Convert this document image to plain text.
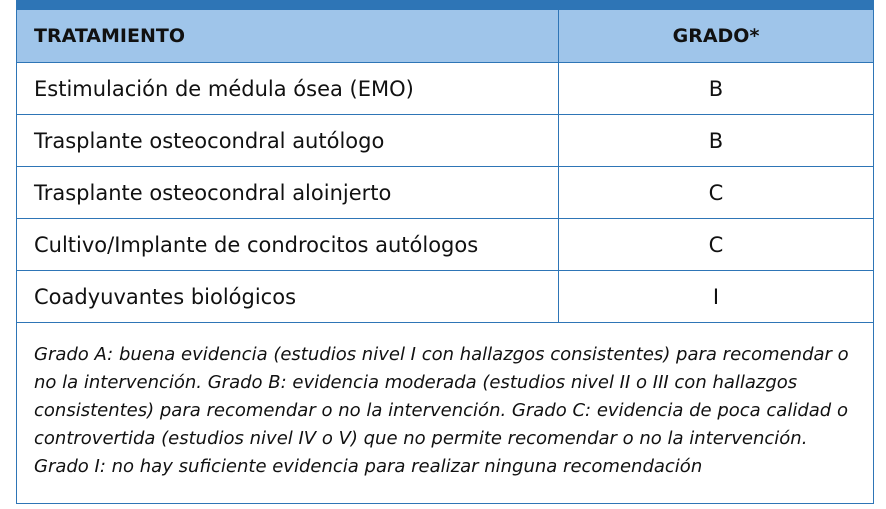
TRATAMIENTO	GRADO*
Estimulación de médula ósea (EMO)	B
Trasplante osteocondral autólogo	B
Trasplante osteocondral aloinjerto	C
Cultivo/Implante de condrocitos autólogos	C
Coadyuvantes biológicos	I
Grado A: buena evidencia (estudios nivel I con hallazgos consistentes) para recomendar o no la intervención. Grado B: evidencia moderada (estudios nivel II o III con hallazgos consistentes) para recomendar o no la intervención. Grado C: evidencia de poca calidad o controvertida (estudios nivel IV o V) que no permite recomendar o no la intervención. Grado I: no hay suficiente evidencia para realizar ninguna recomendación	
